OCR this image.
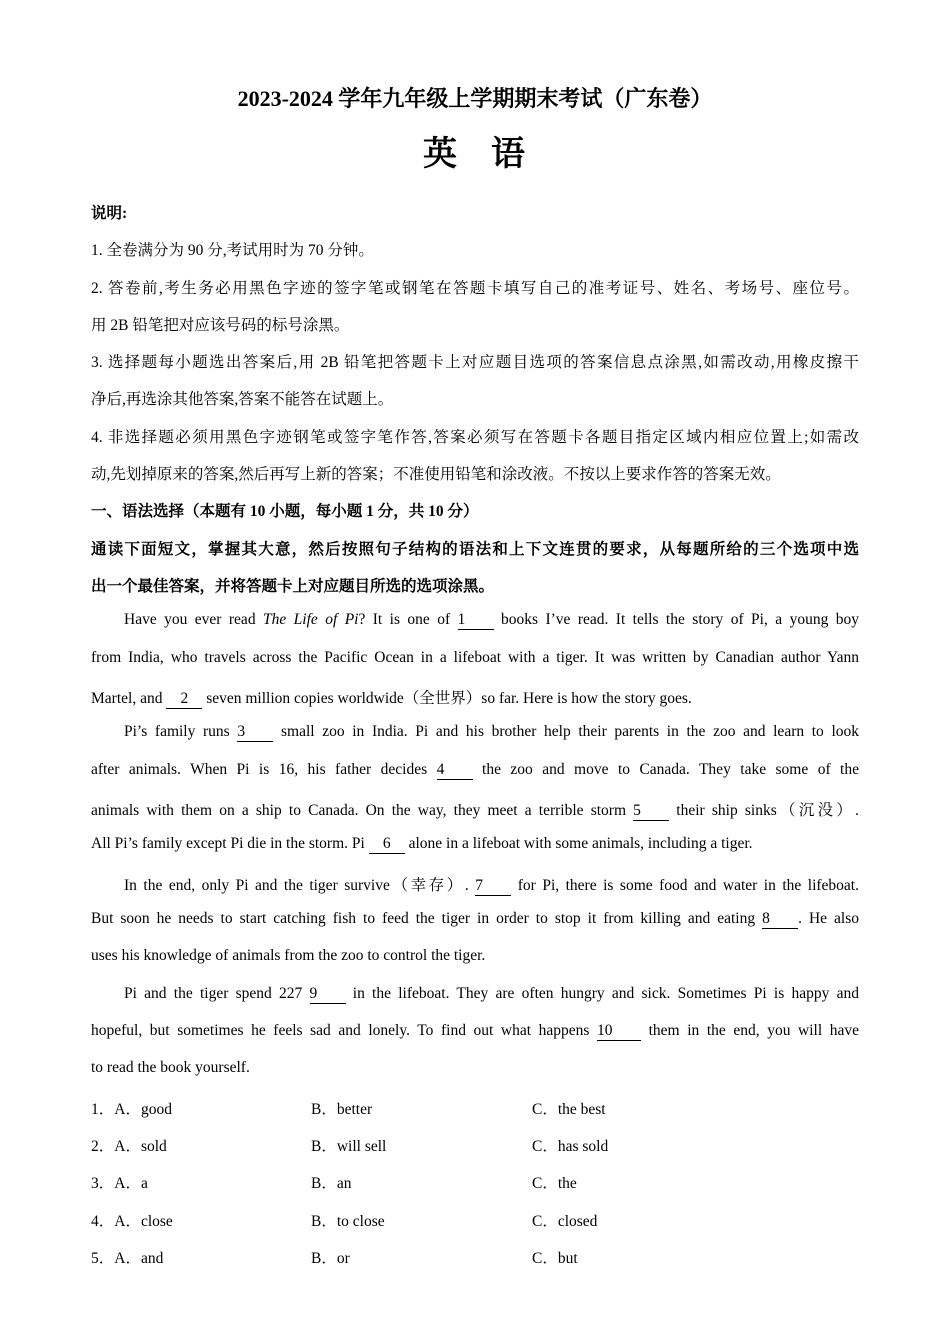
2023-2024 学年九年级上学期期末考试（广东卷）
英 语
说明:
1. 全卷满分为 90 分,考试用时为 70 分钟。
2. 答卷前,考生务必用黑色字迹的签字笔或钢笔在答题卡填写自己的准考证号、姓名、考场号、座位号。
用 2B 铅笔把对应该号码的标号涂黑。
3. 选择题每小题选出答案后,用 2B 铅笔把答题卡上对应题目选项的答案信息点涂黑,如需改动,用橡皮擦干
净后,再选涂其他答案,答案不能答在试题上。
4. 非选择题必须用黑色字迹钢笔或签字笔作答,答案必须写在答题卡各题目指定区域内相应位置上;如需改
动,先划掉原来的答案,然后再写上新的答案；不准使用铅笔和涂改液。不按以上要求作答的答案无效。
一、语法选择（本题有 10 小题，每小题 1 分，共 10 分）
通读下面短文，掌握其大意，然后按照句子结构的语法和上下文连贯的要求，从每题所给的三个选项中选
出一个最佳答案，并将答题卡上对应题目所选的选项涂黑。
Have you ever read The Life of Pi? It is one of 1 books I’ve read. It tells the story of Pi, a young boy
from India, who travels across the Pacific Ocean in a lifeboat with a tiger. It was written by Canadian author Yann
Martel, and 2 seven million copies worldwide（全世界）so far. Here is how the story goes.
Pi’s family runs 3 small zoo in India. Pi and his brother help their parents in the zoo and learn to look
after animals. When Pi is 16, his father decides 4 the zoo and move to Canada. They take some of the
animals with them on a ship to Canada. On the way, they meet a terrible storm 5 their ship sinks（沉没）.
All Pi’s family except Pi die in the storm. Pi 6 alone in a lifeboat with some animals, including a tiger.
In the end, only Pi and the tiger survive（幸存）. 7 for Pi, there is some food and water in the lifeboat.
But soon he needs to start catching fish to feed the tiger in order to stop it from killing and eating 8 . He also
uses his knowledge of animals from the zoo to control the tiger.
Pi and the tiger spend 227 9 in the lifeboat. They are often hungry and sick. Sometimes Pi is happy and
hopeful, but sometimes he feels sad and lonely. To find out what happens 10 them in the end, you will have
to read the book yourself.
1．A．good	B．better	C．the best
2．A．sold	B．will sell	C．has sold
3．A．a	B．an	C．the
4．A．close	B．to close	C．closed
5．A．and	B．or	C．but
